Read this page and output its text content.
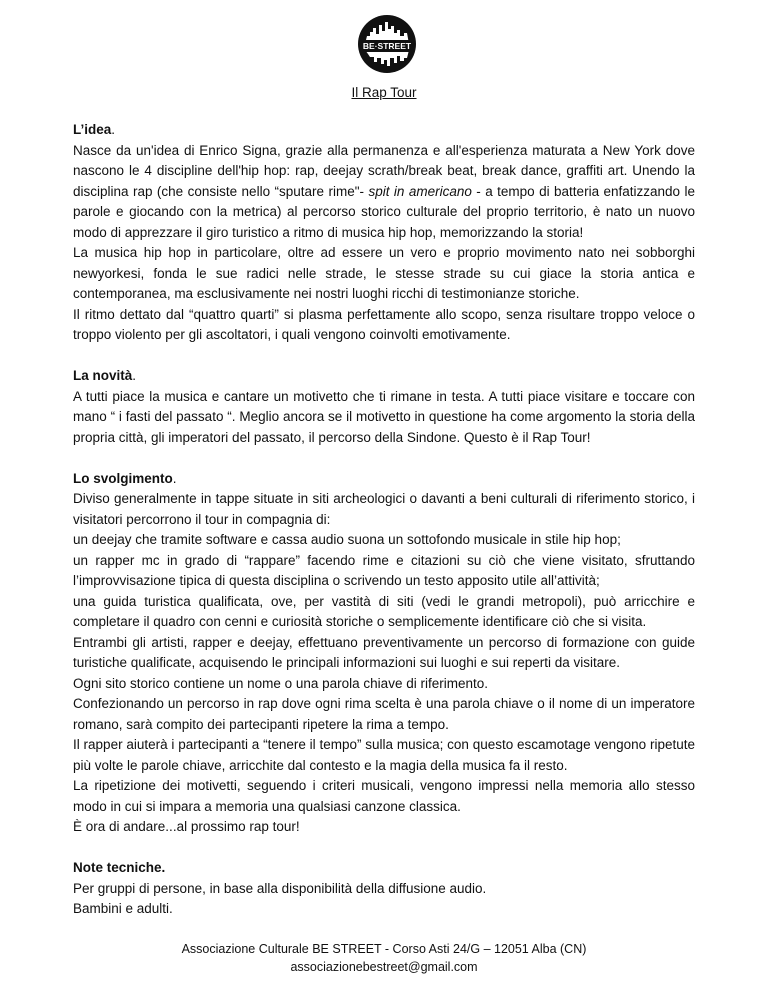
BE·STREET
Il Rap Tour

L’idea.

Nasce da un'idea di Enrico Signa, grazie alla permanenza e all'esperienza maturata a New York dove nascono le 4 discipline dell'hip hop: rap, deejay scrath/break beat, break dance, graffiti art. Unendo la disciplina rap (che consiste nello “sputare rime"- spit in americano - a tempo di batteria enfatizzando le parole e giocando con la metrica) al percorso storico culturale del proprio territorio, è nato un nuovo modo di apprezzare il giro turistico a ritmo di musica hip hop, memorizzando la storia!

La musica hip hop in particolare, oltre ad essere un vero e proprio movimento nato nei sobborghi newyorkesi, fonda le sue radici nelle strade, le stesse strade su cui giace la storia antica e contemporanea, ma esclusivamente nei nostri luoghi ricchi di testimonianze storiche.

Il ritmo dettato dal “quattro quarti” si plasma perfettamente allo scopo, senza risultare troppo veloce o troppo violento per gli ascoltatori, i quali vengono coinvolti emotivamente.

La novità.

A tutti piace la musica e cantare un motivetto che ti rimane in testa. A tutti piace visitare e toccare con mano “ i fasti del passato “. Meglio ancora se il motivetto in questione ha come argomento la storia della propria città, gli imperatori del passato, il percorso della Sindone. Questo è il Rap Tour!

Lo svolgimento.

Diviso generalmente in tappe situate in siti archeologici o davanti a beni culturali di riferimento storico, i visitatori percorrono il tour in compagnia di:

un deejay che tramite software e cassa audio suona un sottofondo musicale in stile hip hop;

un rapper mc in grado di “rappare” facendo rime e citazioni su ciò che viene visitato, sfruttando l’improvvisazione tipica di questa disciplina o scrivendo un testo apposito utile all’attività;

una guida turistica qualificata, ove, per vastità di siti (vedi le grandi metropoli), può arricchire e completare il quadro con cenni e curiosità storiche o semplicemente identificare ciò che si visita.

Entrambi gli artisti, rapper e deejay, effettuano preventivamente un percorso di formazione con guide turistiche qualificate, acquisendo le principali informazioni sui luoghi e sui reperti da visitare.

Ogni sito storico contiene un nome o una parola chiave di riferimento.

Confezionando un percorso in rap dove ogni rima scelta è una parola chiave o il nome di un imperatore romano, sarà compito dei partecipanti ripetere la rima a tempo.

Il rapper aiuterà i partecipanti a “tenere il tempo” sulla musica; con questo escamotage vengono ripetute più volte le parole chiave, arricchite dal contesto e la magia della musica fa il resto.

La ripetizione dei motivetti, seguendo i criteri musicali, vengono impressi nella memoria allo stesso modo in cui si impara a memoria una qualsiasi canzone classica.

È ora di andare...al prossimo rap tour!

Note tecniche.

Per gruppi di persone, in base alla disponibilità della diffusione audio.

Bambini e adulti.

Associazione Culturale BE STREET - Corso Asti 24/G – 12051 Alba (CN)
associazionebestreet@gmail.com
